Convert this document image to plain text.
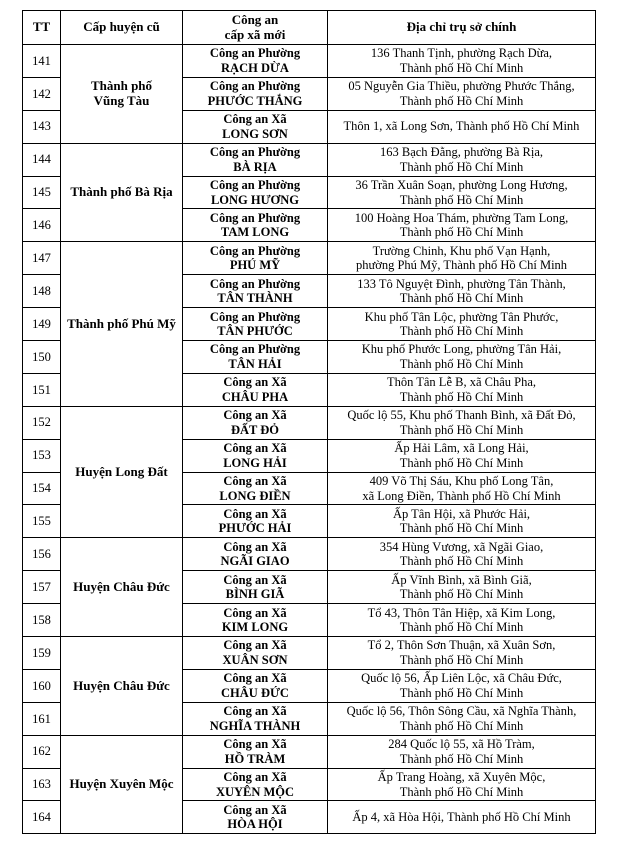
TT	Cấp huyện cũ	Công an
cấp xã mới	Địa chỉ trụ sở chính
141	Thành phố
Vũng Tàu	Công an Phường
RẠCH DỪA	136 Thanh Tịnh, phường Rạch Dừa,
Thành phố Hồ Chí Minh

142		Công an Phường
PHƯỚC THẮNG	05 Nguyễn Gia Thiều, phường Phước Thắng,
Thành phố Hồ Chí Minh

143		Công an Xã
LONG SƠN	Thôn 1, xã Long Sơn, Thành phố Hồ Chí Minh

144	Thành phố Bà Rịa	Công an Phường
BÀ RỊA	163 Bạch Đằng, phường Bà Rịa,
Thành phố Hồ Chí Minh

145		Công an Phường
LONG HƯƠNG	36 Trần Xuân Soạn, phường Long Hương,
Thành phố Hồ Chí Minh

146		Công an Phường
TAM LONG	100 Hoàng Hoa Thám, phường Tam Long,
Thành phố Hồ Chí Minh

147	Thành phố Phú Mỹ	Công an Phường
PHÚ MỸ	Trường Chinh, Khu phố Vạn Hạnh,
phường Phú Mỹ, Thành phố Hồ Chí Minh

148		Công an Phường
TÂN THÀNH	133 Tô Nguyệt Đình, phường Tân Thành,
Thành phố Hồ Chí Minh

149		Công an Phường
TÂN PHƯỚC	Khu phố Tân Lộc, phường Tân Phước,
Thành phố Hồ Chí Minh

150		Công an Phường
TÂN HẢI	Khu phố Phước Long, phường Tân Hải,
Thành phố Hồ Chí Minh

151		Công an Xã
CHÂU PHA	Thôn Tân Lễ B, xã Châu Pha,
Thành phố Hồ Chí Minh

152	Huyện Long Đất	Công an Xã
ĐẤT ĐỎ	Quốc lộ 55, Khu phố Thanh Bình, xã Đất Đỏ,
Thành phố Hồ Chí Minh

153		Công an Xã
LONG HẢI	Ấp Hải Lâm, xã Long Hải,
Thành phố Hồ Chí Minh

154		Công an Xã
LONG ĐIỀN	409 Võ Thị Sáu, Khu phố Long Tân,
xã Long Điền, Thành phố Hồ Chí Minh

155		Công an Xã
PHƯỚC HẢI	Ấp Tân Hội, xã Phước Hải,
Thành phố Hồ Chí Minh

156	Huyện Châu Đức	Công an Xã
NGÃI GIAO	354 Hùng Vương, xã Ngãi Giao,
Thành phố Hồ Chí Minh

157		Công an Xã
BÌNH GIÃ	Ấp Vĩnh Bình, xã Bình Giã,
Thành phố Hồ Chí Minh

158		Công an Xã
KIM LONG	Tổ 43, Thôn Tân Hiệp, xã Kim Long,
Thành phố Hồ Chí Minh

159	Huyện Châu Đức	Công an Xã
XUÂN SƠN	Tổ 2, Thôn Sơn Thuận, xã Xuân Sơn,
Thành phố Hồ Chí Minh

160		Công an Xã
CHÂU ĐỨC	Quốc lộ 56, Ấp Liên Lộc, xã Châu Đức,
Thành phố Hồ Chí Minh

161		Công an Xã
NGHĨA THÀNH	Quốc lộ 56, Thôn Sông Cầu, xã Nghĩa Thành,
Thành phố Hồ Chí Minh

162	Huyện Xuyên Mộc	Công an Xã
HỒ TRÀM	284 Quốc lộ 55, xã Hồ Tràm,
Thành phố Hồ Chí Minh

163		Công an Xã
XUYÊN MỘC	Ấp Trang Hoàng, xã Xuyên Mộc,
Thành phố Hồ Chí Minh

164		Công an Xã
HÒA HỘI	Ấp 4, xã Hòa Hội, Thành phố Hồ Chí Minh
